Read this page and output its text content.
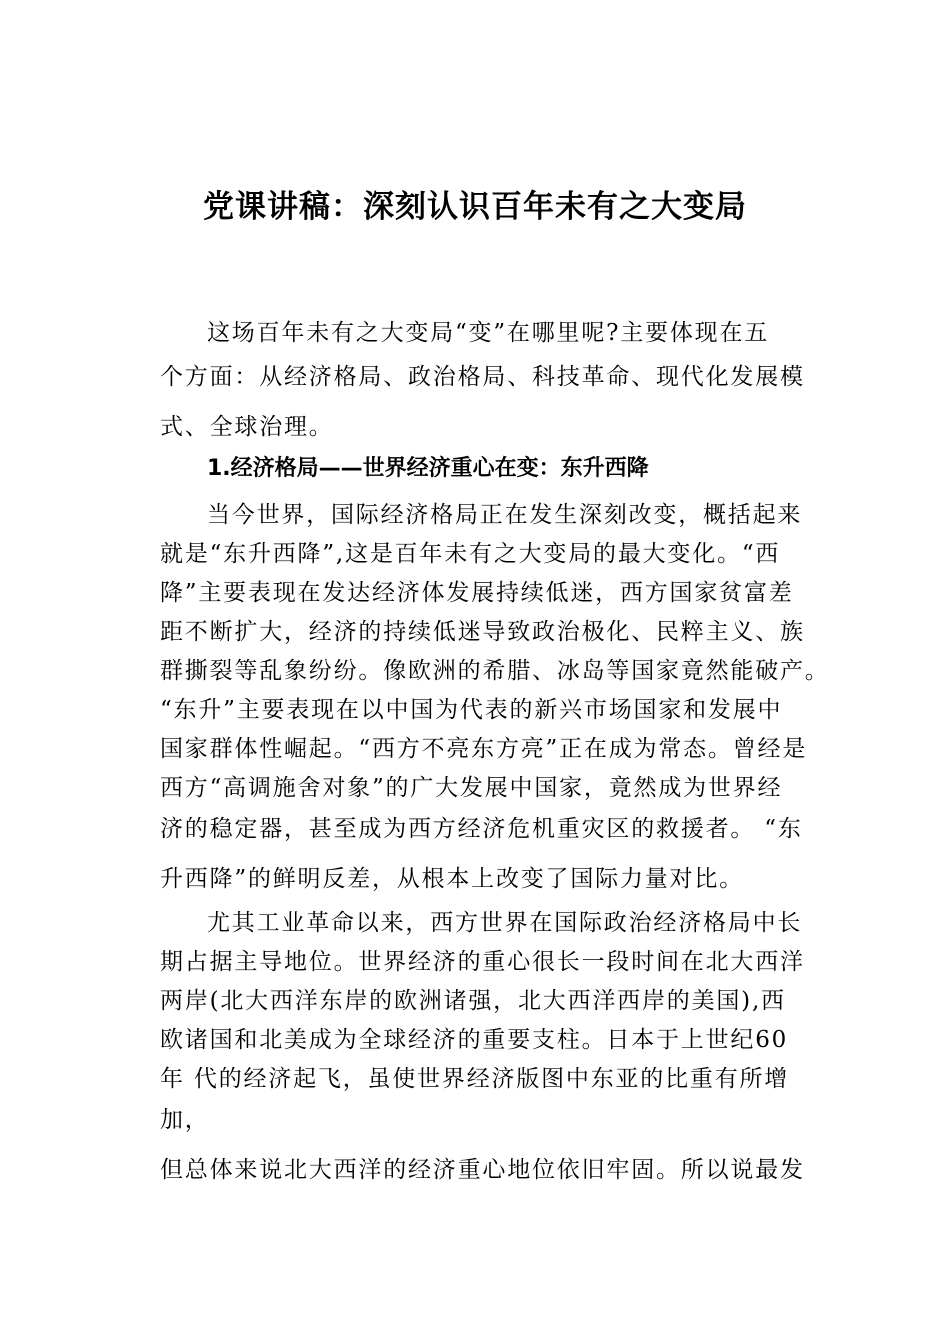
党课讲稿：深刻认识百年未有之大变局
这场百年未有之大变局“变”在哪里呢?主要体现在五
个方面：从经济格局、政治格局、科技革命、现代化发展模
式、全球治理。
1.经济格局——世界经济重心在变：东升西降
当今世界，国际经济格局正在发生深刻改变，概括起来
就是“东升西降”,这是百年未有之大变局的最大变化。“西
降”主要表现在发达经济体发展持续低迷，西方国家贫富差
距不断扩大，经济的持续低迷导致政治极化、民粹主义、族
群撕裂等乱象纷纷。像欧洲的希腊、冰岛等国家竟然能破产。
“东升”主要表现在以中国为代表的新兴市场国家和发展中
国家群体性崛起。“西方不亮东方亮”正在成为常态。曾经是
西方“高调施舍对象”的广大发展中国家，竟然成为世界经
济的稳定器，甚至成为西方经济危机重灾区的救援者。 “东
升西降”的鲜明反差，从根本上改变了国际力量对比。
尤其工业革命以来，西方世界在国际政治经济格局中长
期占据主导地位。世界经济的重心很长一段时间在北大西洋
两岸(北大西洋东岸的欧洲诸强，北大西洋西岸的美国),西
欧诸国和北美成为全球经济的重要支柱。日本于上世纪60
年 代的经济起飞，虽使世界经济版图中东亚的比重有所增
加，
但总体来说北大西洋的经济重心地位依旧牢固。所以说最发
